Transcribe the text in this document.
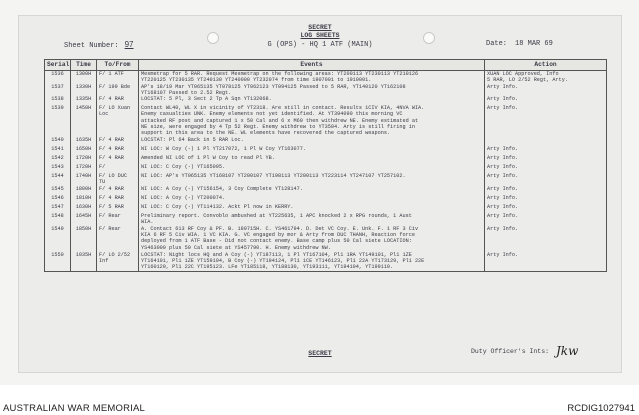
SECRET
LOG SHEETS
G (OPS) - HQ 1 ATF (MAIN)
Sheet Number: 97	Date: 18 MAR 69
Serial	Time	To/From	Events	Action
1536	1300H	F/ 1 ATF	Mesmetrap for 5 RAR. Request Mesmetrap on the following areas: YT200113 YT230113 YT210126
YT220125 YT230135 YT240130 YT240000 YT232074 from time 1907001 to 1919001.	XUAN LOC Approved, Info
5 RAR, LO 2/52 Regt, Arty.
1537	1330H	F/ 199 Bde	AP's 18/19 Mar YT065135 YT078125 YT062123 YT094125 Passed to 5 RAR, YT140120 YT162108
YT168107 Passed to 2.52 Regt.	Arty Info.
1538	1335H	F/ 4 RAR	LOCSTAT: 5 Pl, 3 Sect 2 Tp A Sqn YT132068.	Arty Info.
1539	1450H	F/ LO Xuan
Loc	Contact WL40, WL X in vicinity of YT2318. Are still in contact. Results 1CIV KIA, 4NVA WIA.
Enemy casualties UNK. Enemy elements not yet identified. At YT394090 this morning VC
attacked RF post and captured 1 x 50 Cal and 6 x M60 then withdrew NE. Enemy estimated at
NE size, were engaged by 4 Tp 52 Regt. Enemy withdrew to YT3504. Arty is still firing in
support in this area to the NE. WL elements have recovered the captured weapons.	Arty Info.
1540	1635H	F/ 4 RAR	LOCSTAT: Pl 64 Back in 5 RAR Loc.	
1541	1650H	F/ 4 RAR	NI LOC: W Coy (-) 1 Pl YT217072, 1 Pl W Coy YT163077.	Arty Info.
1542	1720H	F/ 4 RAR	Amended NI LOC of 1 Pl W Coy to read Pl YB.	Arty Info.
1543	1720H	F/	NI LOC: C Coy (-) YT165095.	Arty Info.
1544	1740H	F/ LO DUC TU	NI LOC: AP's YT065135 YT168107 YT200107 YT198113 YT200113 YT223114 YT247107 YT257102.	Arty Info.
1545	1800H	F/ 4 RAR	NI LOC: A Coy (-) YT156154, 3 Coy Complete YT128147.	Arty Info.
1546	1810H	F/ 4 RAR	NI LOC: A Coy (-) YT200074.	Arty Info.
1547	1630H	F/ 5 RAR	NI LOC: C Coy (-) YT114132. Ackt Pl now in KERRY.	Arty Info.
1548	1645H	F/ Rear	Preliminary report. Convoblo ambushed at YT225635, 1 APC knocked 2 x RPG rounds, 1 Aust
WIA.	Arty Info.
1549	1850H	F/ Rear	A. Contact 613 RF Coy & PF. B. 180715H. C. YS461794. D. Det VC Coy. E. Unk. F. 1 RF 3 Civ
KIA 6 RF 5 Civ WIA. 1 VC KIA. G. VC engaged by mor & Arty from DUC THANH, Reaction force
deployed from 1 ATF Base - Did not contact enemy. Base camp plus 50 Cal siete LOCATION:
YS463000 plus 50 Cal siete at YS457790. H. Enemy withdrew NW.	Arty Info.
1550	1035H	F/ LO 2/52
Inf	LOCSTAT: Night locs HQ and A Coy (-) YT187113, 1 Pl YT167104, Pl1 1RA YT149101, Pl1 1ZE
YT164101, Pl1 1ZE YT159104, B Coy (-) YT194124, Pl1 1CE YT146123, Pl1 22A YT173129, Pl1 22E
YT160129, Pl1 22C YT195123. LFe YT185118, YT188130, YT193111, YT194104, YT199110.	Arty Info.
SECRET	Duty Officer's Ints: Jkw
AUSTRALIAN WAR MEMORIAL	RCDIG1027941
